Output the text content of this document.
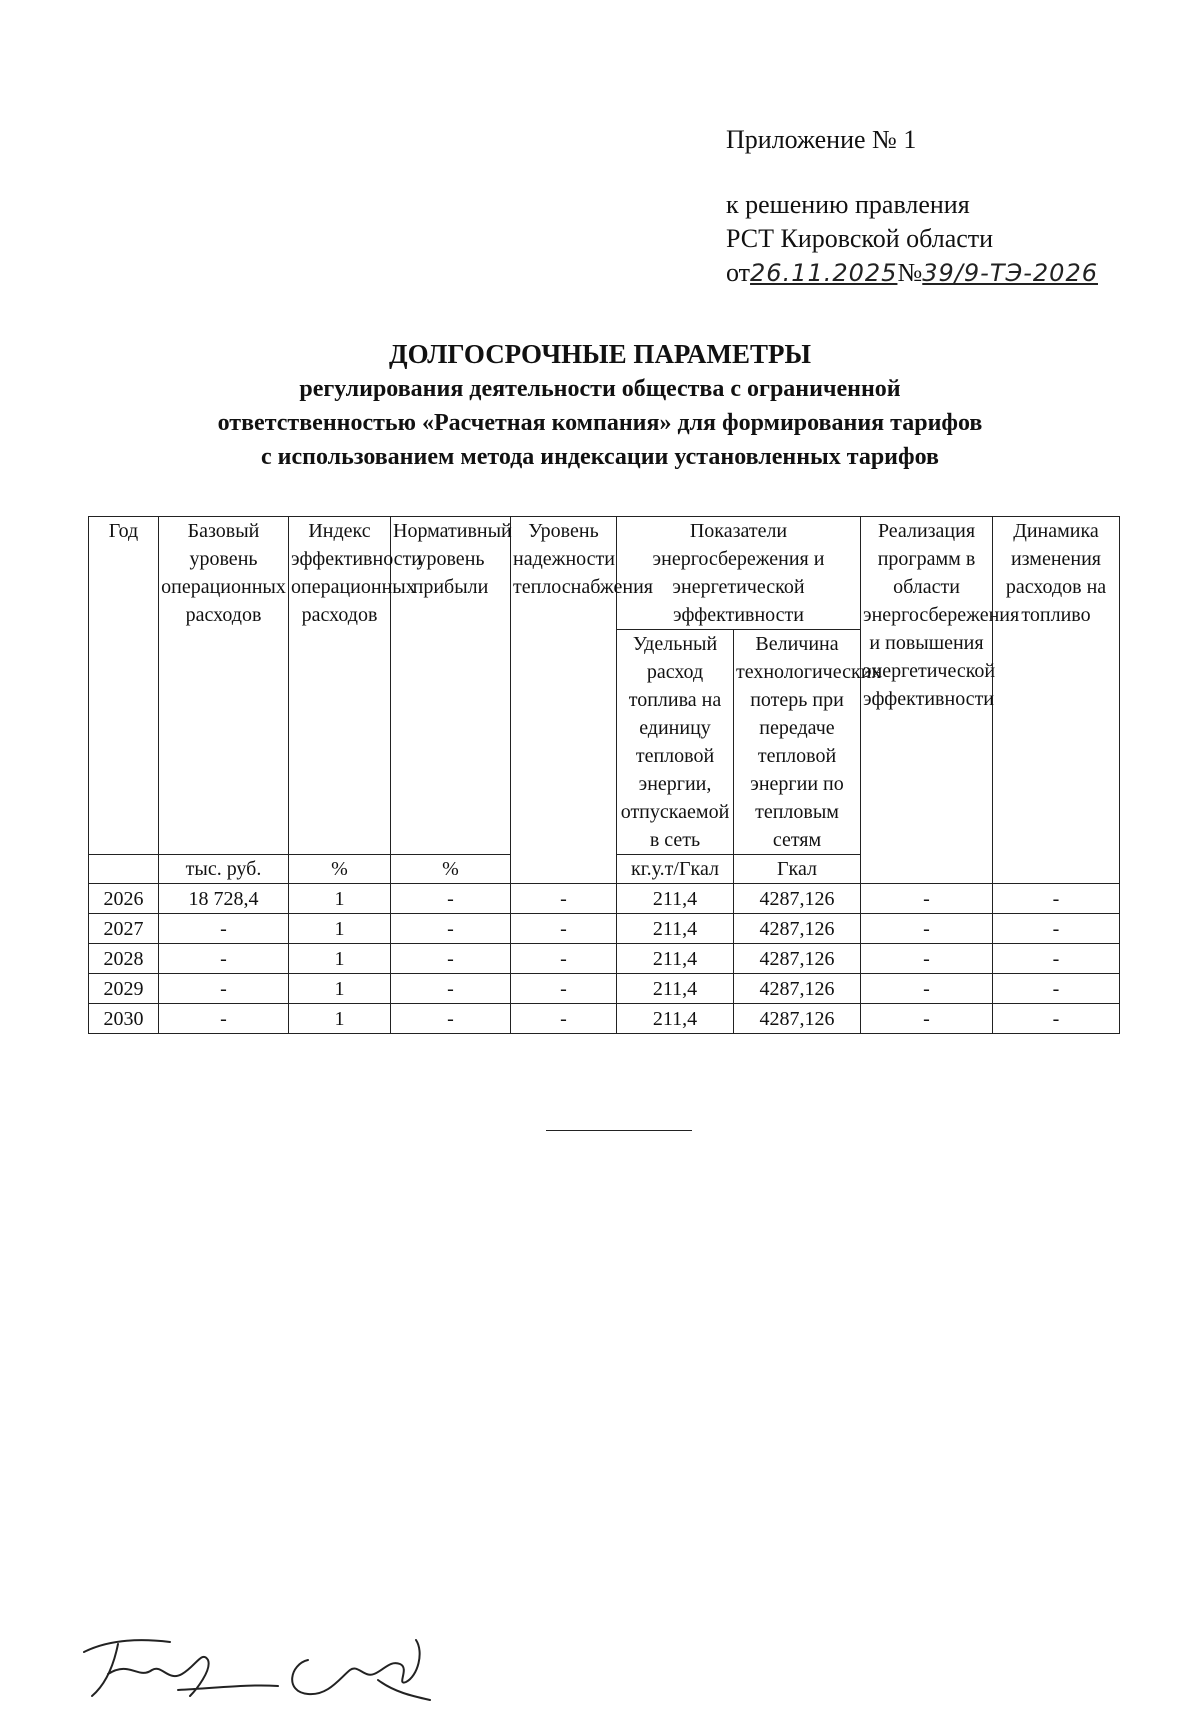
Приложение № 1
к решению правления
РСТ Кировской области
от26.11.2025№39/9-ТЭ-2026
ДОЛГОСРОЧНЫЕ ПАРАМЕТРЫ
регулирования деятельности общества с ограниченной
ответственностью «Расчетная компания» для формирования тарифов
с использованием метода индексации установленных тарифов
Год	Базовый уровень операционных расходов	Индекс эффективности операционных расходов	Нормативный уровень прибыли	Уровень надежности теплоснабжения	Показатели энергосбережения и энергетической эффективности		Реализация программ в области энергосбережения и повышения энергетической эффективности	Динамика изменения расходов на топливо
					Удельный расход топлива на единицу тепловой энергии, отпускаемой в сеть	Величина технологических потерь при передаче тепловой энергии по тепловым сетям		
	тыс. руб.	%	%		кг.у.т/Гкал	Гкал		
2026	18 728,4	1	-	-	211,4	4287,126	-	-
2027	-	1	-	-	211,4	4287,126	-	-
2028	-	1	-	-	211,4	4287,126	-	-
2029	-	1	-	-	211,4	4287,126	-	-
2030	-	1	-	-	211,4	4287,126	-	-
